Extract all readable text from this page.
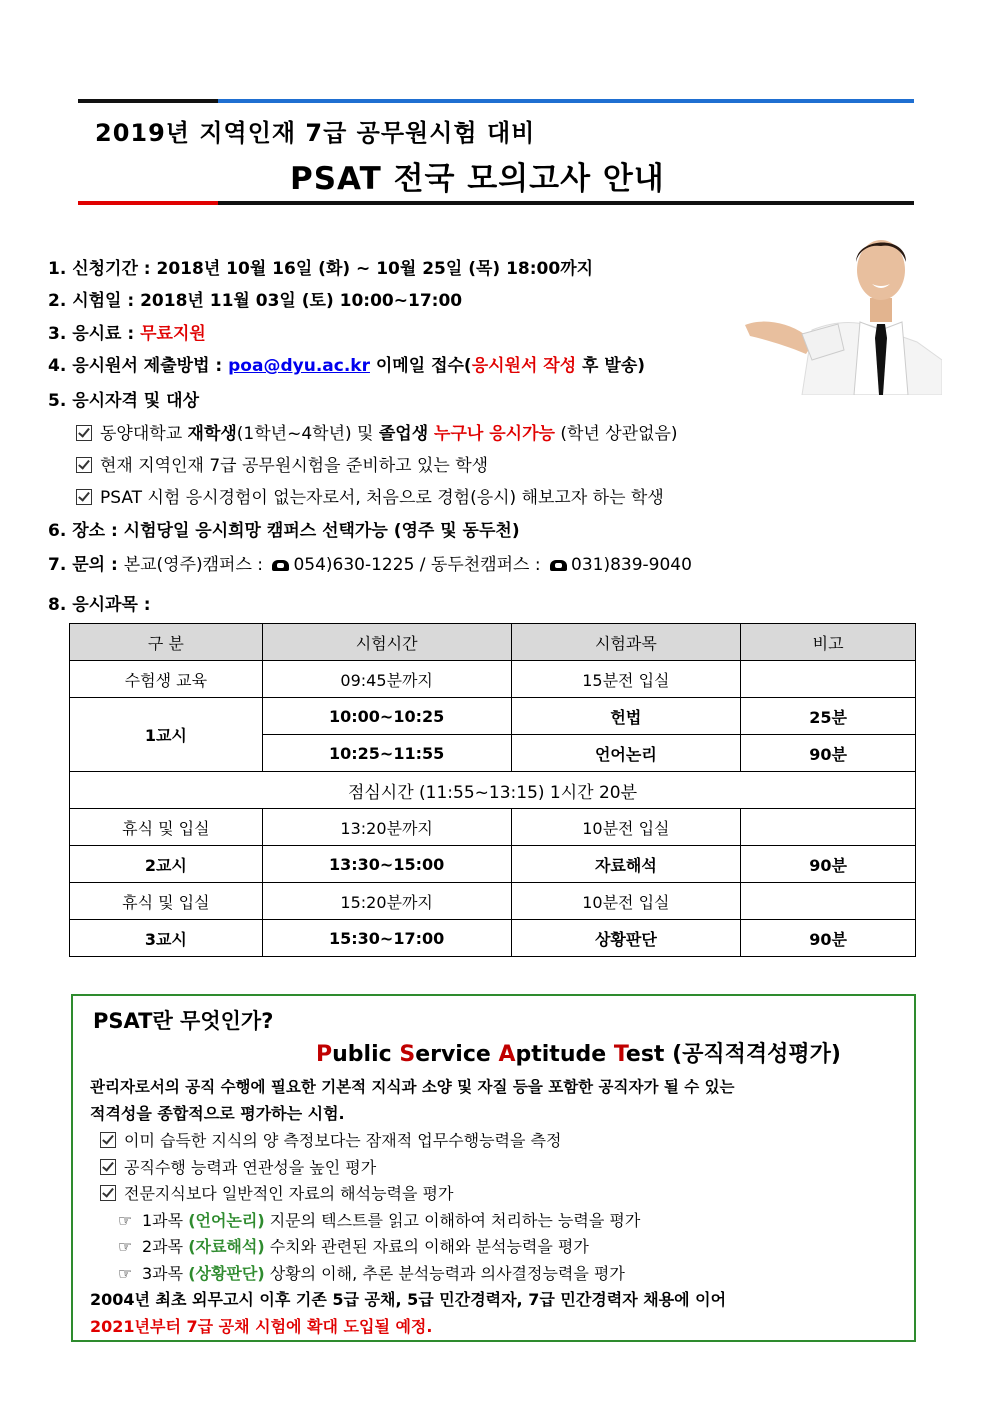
2019년 지역인재 7급 공무원시험 대비
PSAT 전국 모의고사 안내
1. 신청기간 : 2018년 10월 16일 (화) ~ 10월 25일 (목) 18:00까지
2. 시험일 : 2018년 11월 03일 (토) 10:00~17:00
3. 응시료 : 무료지원
4. 응시원서 제출방법 : poa@dyu.ac.kr 이메일 접수(응시원서 작성 후 발송)
5. 응시자격 및 대상
동양대학교 재학생(1학년~4학년) 및 졸업생 누구나 응시가능 (학년 상관없음)
현재 지역인재 7급 공무원시험을 준비하고 있는 학생
PSAT 시험 응시경험이 없는자로서, 처음으로 경험(응시) 해보고자 하는 학생
6. 장소 : 시험당일 응시희망 캠퍼스 선택가능 (영주 및 동두천)
7. 문의 : 본교(영주)캠퍼스 : 054)630-1225 / 동두천캠퍼스 : 031)839-9040
8. 응시과목 :
구 분	시험시간	시험과목	비고
수험생 교육	09:45분까지	15분전 입실	
1교시	10:00~10:25	헌법	25분
	10:25~11:55	언어논리	90분
점심시간 (11:55~13:15) 1시간 20분			
휴식 및 입실	13:20분까지	10분전 입실	
2교시	13:30~15:00	자료해석	90분
휴식 및 입실	15:20분까지	10분전 입실	
3교시	15:30~17:00	상황판단	90분
PSAT란 무엇인가?
Public Service Aptitude Test (공직적격성평가)
관리자로서의 공직 수행에 필요한 기본적 지식과 소양 및 자질 등을 포함한 공직자가 될 수 있는
적격성을 종합적으로 평가하는 시험.
이미 습득한 지식의 양 측정보다는 잠재적 업무수행능력을 측정
공직수행 능력과 연관성을 높인 평가
전문지식보다 일반적인 자료의 해석능력을 평가
☞ 1과목 (언어논리) 지문의 텍스트를 읽고 이해하여 처리하는 능력을 평가
☞ 2과목 (자료해석) 수치와 관련된 자료의 이해와 분석능력을 평가
☞ 3과목 (상황판단) 상황의 이해, 추론 분석능력과 의사결정능력을 평가
2004년 최초 외무고시 이후 기존 5급 공채, 5급 민간경력자, 7급 민간경력자 채용에 이어
2021년부터 7급 공채 시험에 확대 도입될 예정.
